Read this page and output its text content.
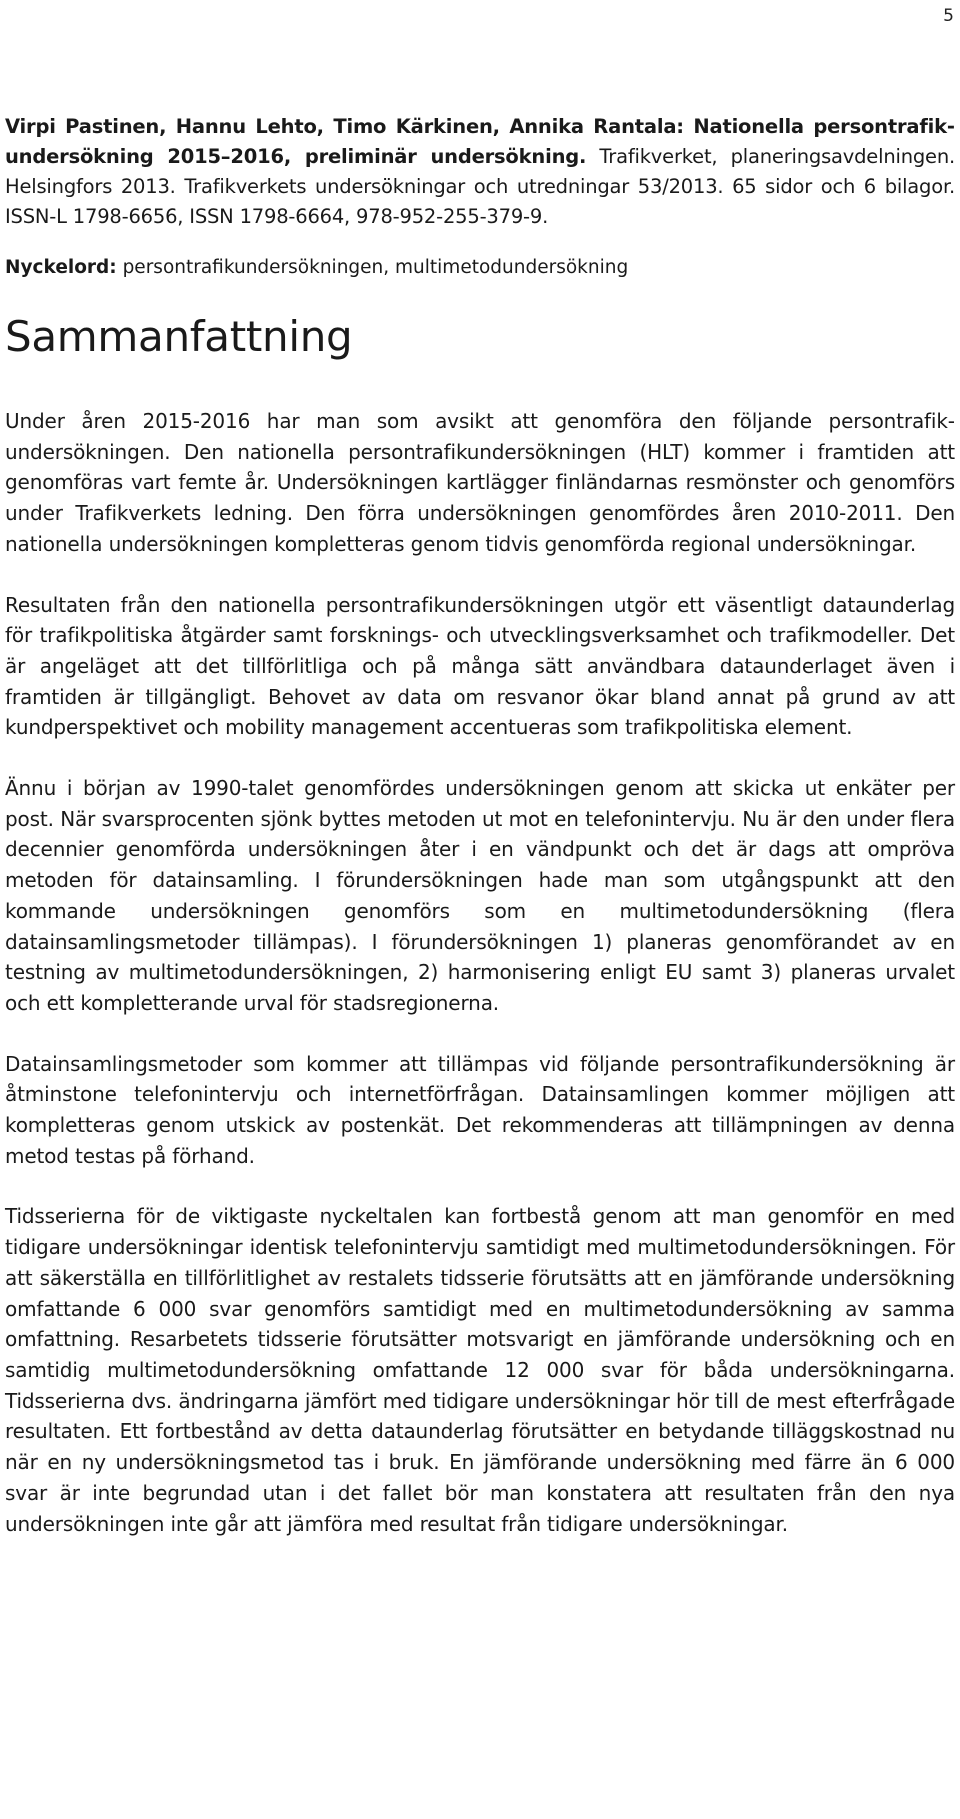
5

Virpi Pastinen, Hannu Lehto, Timo Kärkinen, Annika Rantala: Nationella persontrafikundersökning 2015–2016, preliminär undersökning. Trafikverket, planeringsavdelningen. Helsingfors 2013. Trafikverkets undersökningar och utredningar 53/2013. 65 sidor och 6 bilagor. ISSN-L 1798-6656, ISSN 1798-6664, 978-952-255-379-9.

Nyckelord: persontrafikundersökningen, multimetodundersökning

Sammanfattning

Under åren 2015-2016 har man som avsikt att genomföra den följande persontrafikundersökningen. Den nationella persontrafikundersökningen (HLT) kommer i framtiden att genomföras vart femte år. Undersökningen kartlägger finländarnas resmönster och genomförs under Trafikverkets ledning. Den förra undersökningen genomfördes åren 2010-2011. Den nationella undersökningen kompletteras genom tidvis genomförda regional undersökningar.

Resultaten från den nationella persontrafikundersökningen utgör ett väsentligt dataunderlag för trafikpolitiska åtgärder samt forsknings- och utvecklingsverksamhet och trafikmodeller. Det är angeläget att det tillförlitliga och på många sätt användbara dataunderlaget även i framtiden är tillgängligt. Behovet av data om resvanor ökar bland annat på grund av att kundperspektivet och mobility management accentueras som trafikpolitiska element.

Ännu i början av 1990-talet genomfördes undersökningen genom att skicka ut enkäter per post. När svarsprocenten sjönk byttes metoden ut mot en telefonintervju. Nu är den under flera decennier genomförda undersökningen åter i en vändpunkt och det är dags att ompröva metoden för datainsamling. I förundersökningen hade man som utgångspunkt att den kommande undersökningen genomförs som en multimetodundersökning (flera datainsamlingsmetoder tillämpas). I förundersökningen 1) planeras genomförandet av en testning av multimetodundersökningen, 2) harmonisering enligt EU samt 3) planeras urvalet och ett kompletterande urval för stadsregionerna.

Datainsamlingsmetoder som kommer att tillämpas vid följande persontrafikundersökning är åtminstone telefonintervju och internetförfrågan. Datainsamlingen kommer möjligen att kompletteras genom utskick av postenkät. Det rekommenderas att tillämpningen av denna metod testas på förhand.

Tidsserierna för de viktigaste nyckeltalen kan fortbestå genom att man genomför en med tidigare undersökningar identisk telefonintervju samtidigt med multimetodundersökningen. För att säkerställa en tillförlitlighet av restalets tidsserie förutsätts att en jämförande undersökning omfattande 6 000 svar genomförs samtidigt med en multimetodundersökning av samma omfattning. Resarbetets tidsserie förutsätter motsvarigt en jämförande undersökning och en samtidig multimetodundersökning omfattande 12 000 svar för båda undersökningarna. Tidsserierna dvs. ändringarna jämfört med tidigare undersökningar hör till de mest efterfrågade resultaten. Ett fortbestånd av detta dataunderlag förutsätter en betydande tilläggskostnad nu när en ny undersökningsmetod tas i bruk. En jämförande undersökning med färre än 6 000 svar är inte begrundad utan i det fallet bör man konstatera att resultaten från den nya undersökningen inte går att jämföra med resultat från tidigare undersökningar.
